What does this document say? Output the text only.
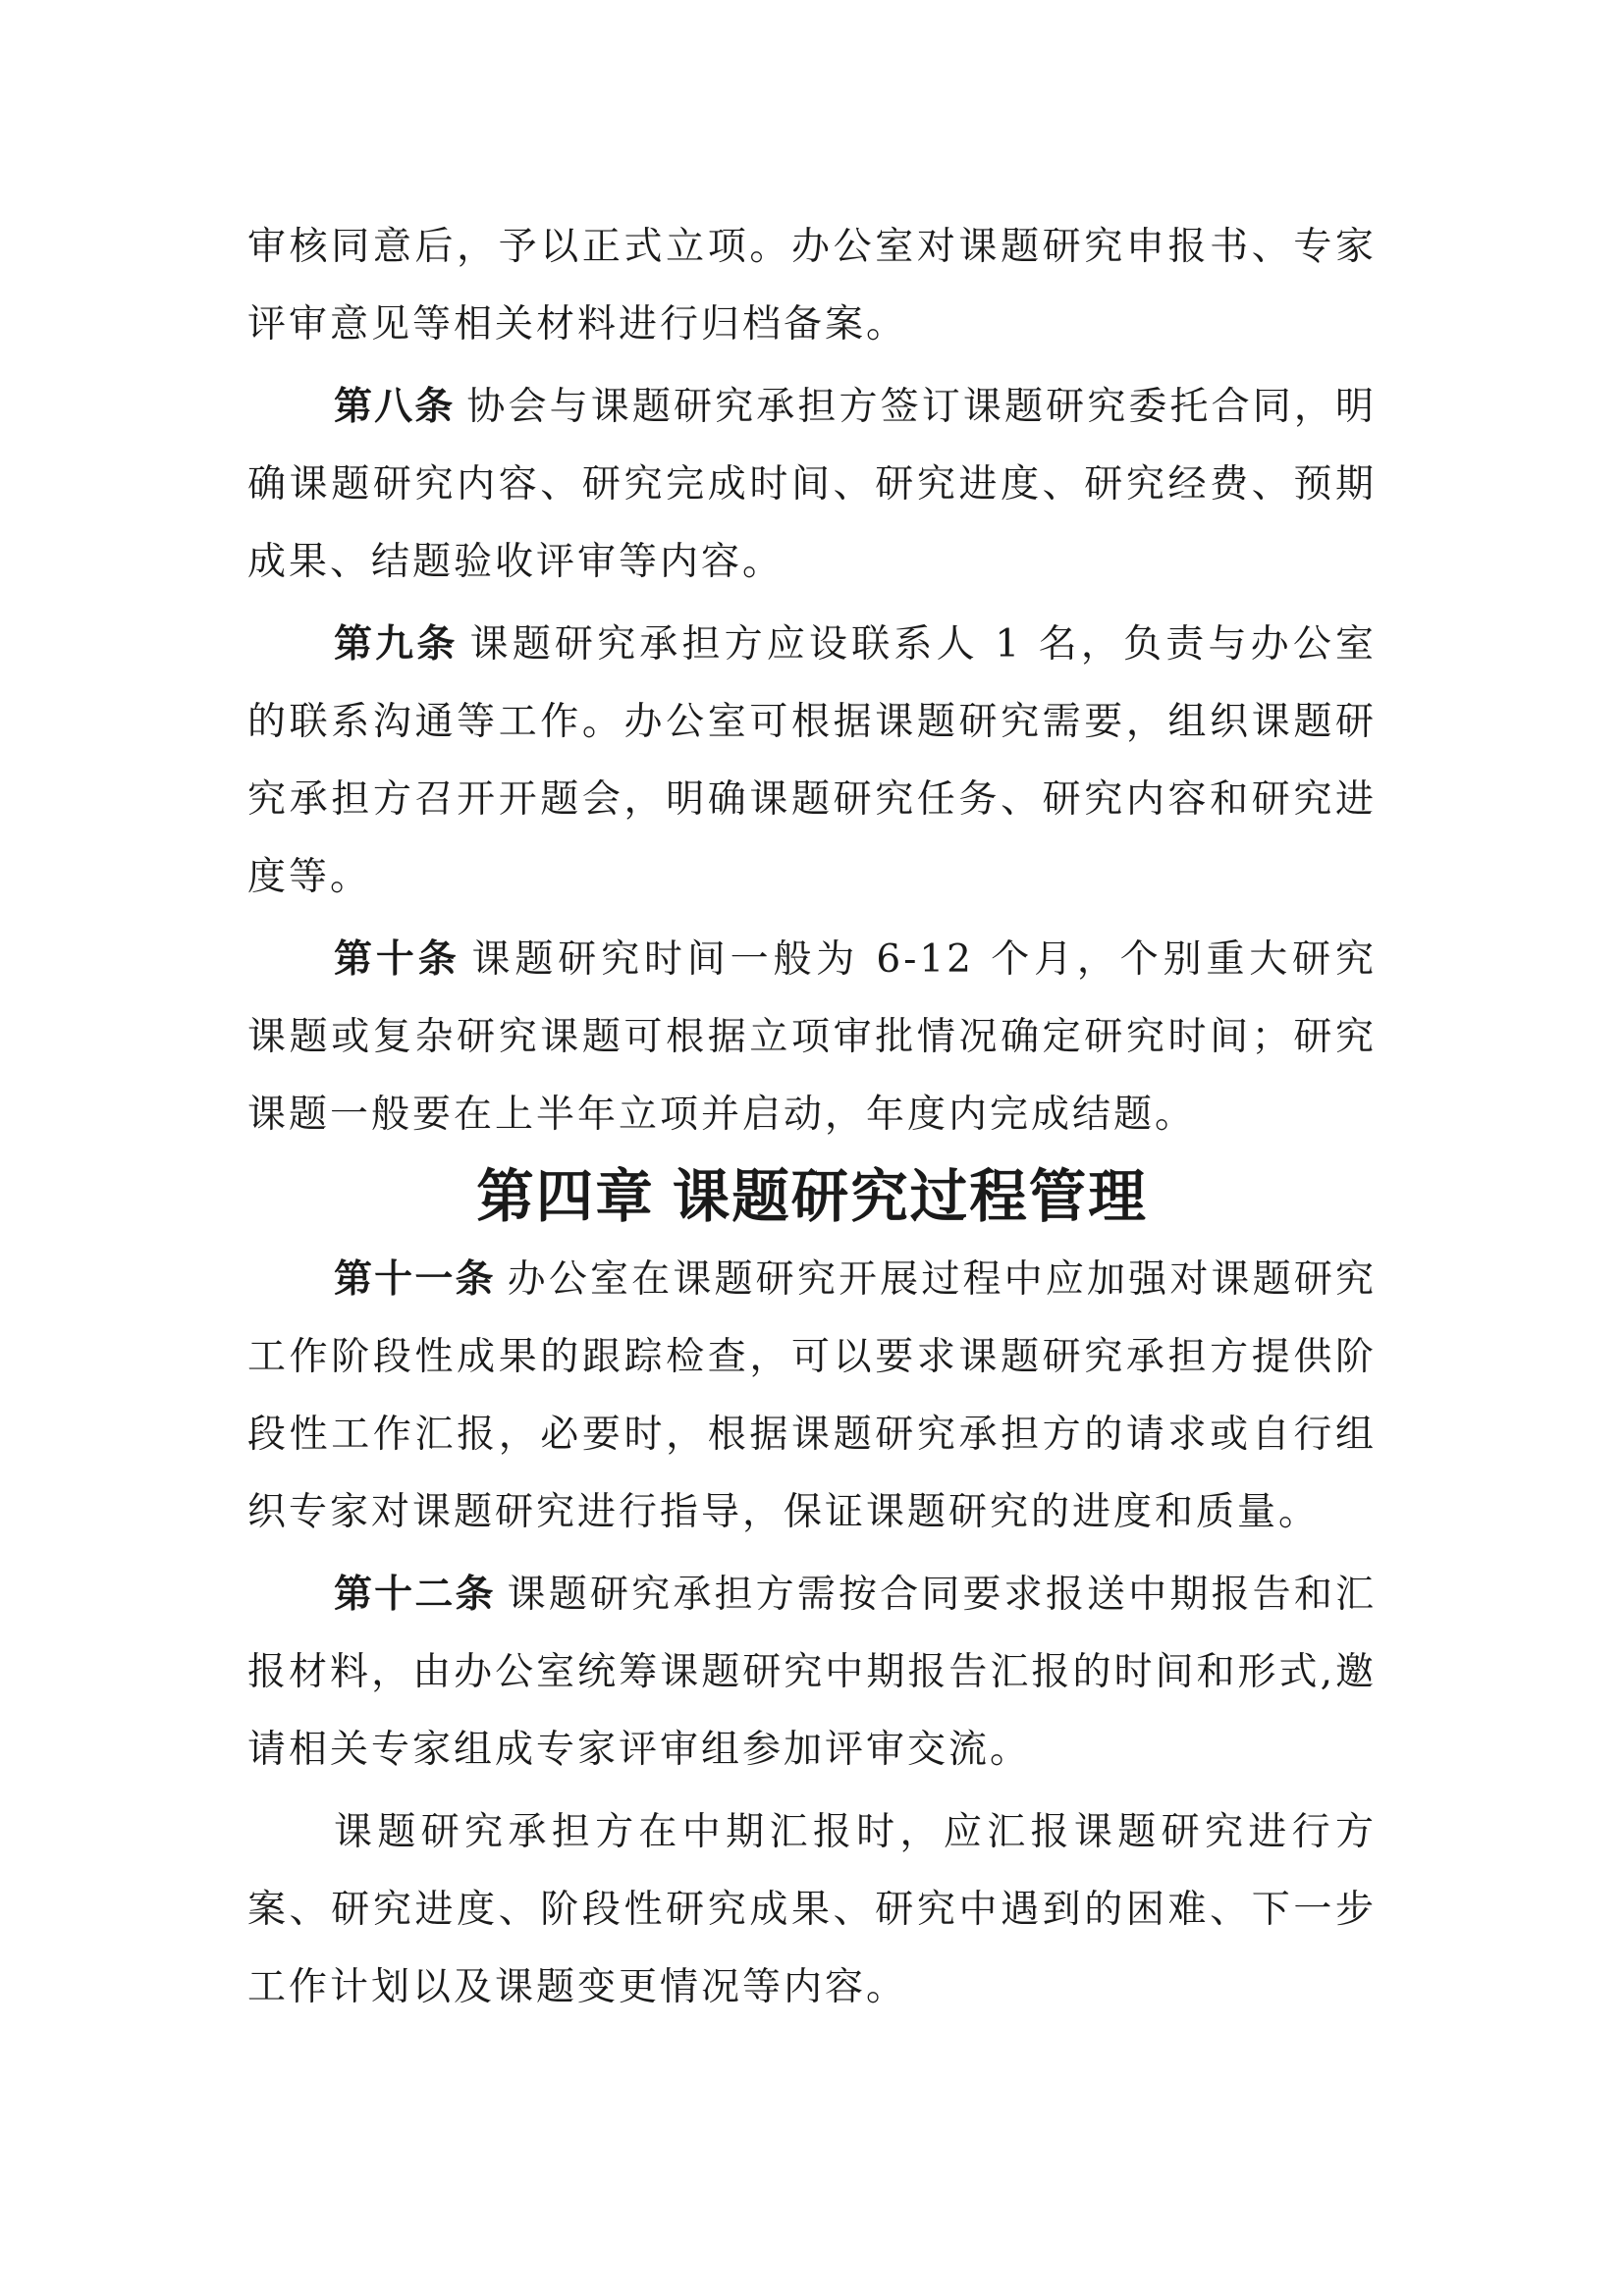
审核同意后，予以正式立项。办公室对课题研究申报书、专家评审意见等相关材料进行归档备案。

第八条 协会与课题研究承担方签订课题研究委托合同，明确课题研究内容、研究完成时间、研究进度、研究经费、预期成果、结题验收评审等内容。

第九条 课题研究承担方应设联系人 1 名，负责与办公室的联系沟通等工作。办公室可根据课题研究需要，组织课题研究承担方召开开题会，明确课题研究任务、研究内容和研究进度等。

第十条 课题研究时间一般为 6-12 个月，个别重大研究课题或复杂研究课题可根据立项审批情况确定研究时间；研究课题一般要在上半年立项并启动，年度内完成结题。

第四章 课题研究过程管理

第十一条 办公室在课题研究开展过程中应加强对课题研究工作阶段性成果的跟踪检查，可以要求课题研究承担方提供阶段性工作汇报，必要时，根据课题研究承担方的请求或自行组织专家对课题研究进行指导，保证课题研究的进度和质量。

第十二条 课题研究承担方需按合同要求报送中期报告和汇报材料，由办公室统筹课题研究中期报告汇报的时间和形式,邀请相关专家组成专家评审组参加评审交流。

课题研究承担方在中期汇报时，应汇报课题研究进行方案、研究进度、阶段性研究成果、研究中遇到的困难、下一步工作计划以及课题变更情况等内容。
